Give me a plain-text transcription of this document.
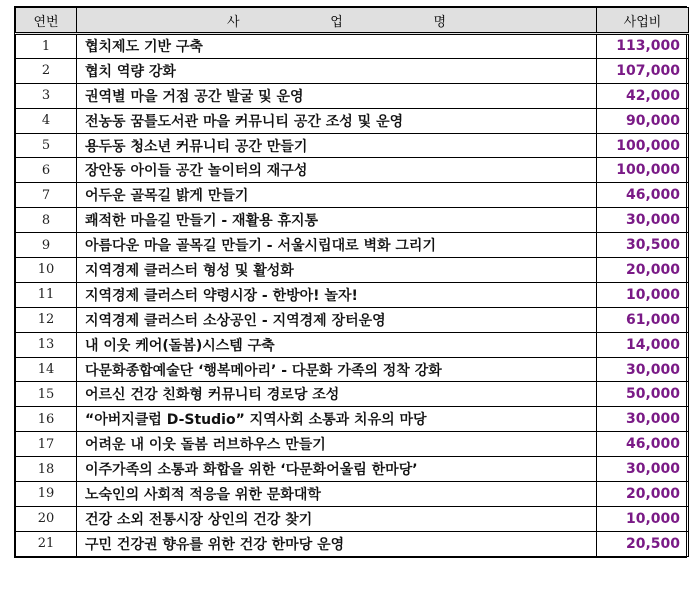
연번	사 업 명	사업비
1	협치제도 기반 구축	113,000
2	협치 역량 강화	107,000
3	권역별 마을 거점 공간 발굴 및 운영	42,000
4	전농동 꿈틀도서관 마을 커뮤니티 공간 조성 및 운영	90,000
5	용두동 청소년 커뮤니티 공간 만들기	100,000
6	장안동 아이들 공간 놀이터의 재구성	100,000
7	어두운 골목길 밝게 만들기	46,000
8	쾌적한 마을길 만들기 - 재활용 휴지통	30,000
9	아름다운 마을 골목길 만들기 - 서울시립대로 벽화 그리기	30,500
10	지역경제 클러스터 형성 및 활성화	20,000
11	지역경제 클러스터 약령시장 - 한방아! 놀자!	10,000
12	지역경제 클러스터 소상공인 - 지역경제 장터운영	61,000
13	내 이웃 케어(돌봄)시스템 구축	14,000
14	다문화종합예술단 ‘행복메아리’ - 다문화 가족의 정착 강화	30,000
15	어르신 건강 친화형 커뮤니티 경로당 조성	50,000
16	“아버지클럽 D-Studio” 지역사회 소통과 치유의 마당	30,000
17	어려운 내 이웃 돌봄 러브하우스 만들기	46,000
18	이주가족의 소통과 화합을 위한 ‘다문화어울림 한마당’	30,000
19	노숙인의 사회적 적응을 위한 문화대학	20,000
20	건강 소외 전통시장 상인의 건강 찾기	10,000
21	구민 건강권 향유를 위한 건강 한마당 운영	20,500
